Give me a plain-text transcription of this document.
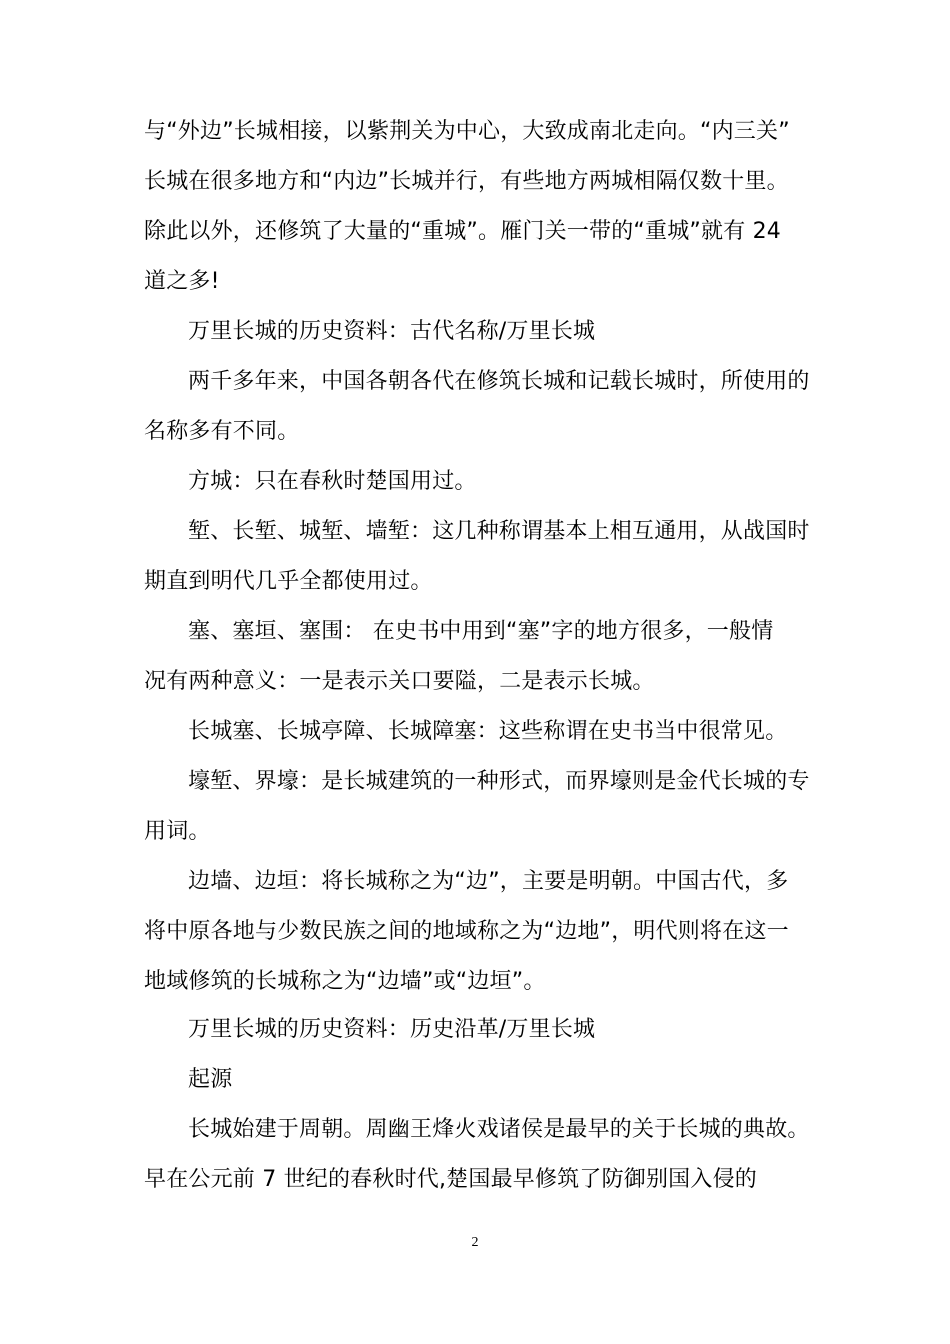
与“外边”长城相接，以紫荆关为中心，大致成南北走向。“内三关”
长城在很多地方和“内边”长城并行，有些地方两城相隔仅数十里。
除此以外，还修筑了大量的“重城”。雁门关一带的“重城”就有 24
道之多!
万里长城的历史资料：古代名称/万里长城
两千多年来，中国各朝各代在修筑长城和记载长城时，所使用的
名称多有不同。
方城：只在春秋时楚国用过。
堑、长堑、城堑、墙堑：这几种称谓基本上相互通用，从战国时
期直到明代几乎全都使用过。
塞、塞垣、塞围： 在史书中用到“塞”字的地方很多，一般情
况有两种意义：一是表示关口要隘，二是表示长城。
长城塞、长城亭障、长城障塞：这些称谓在史书当中很常见。
壕堑、界壕：是长城建筑的一种形式，而界壕则是金代长城的专
用词。
边墙、边垣：将长城称之为“边”，主要是明朝。中国古代，多
将中原各地与少数民族之间的地域称之为“边地”，明代则将在这一
地域修筑的长城称之为“边墙”或“边垣”。
万里长城的历史资料：历史沿革/万里长城
起源
长城始建于周朝。周幽王烽火戏诸侯是最早的关于长城的典故。
早在公元前 7 世纪的春秋时代,楚国最早修筑了防御别国入侵的
2
